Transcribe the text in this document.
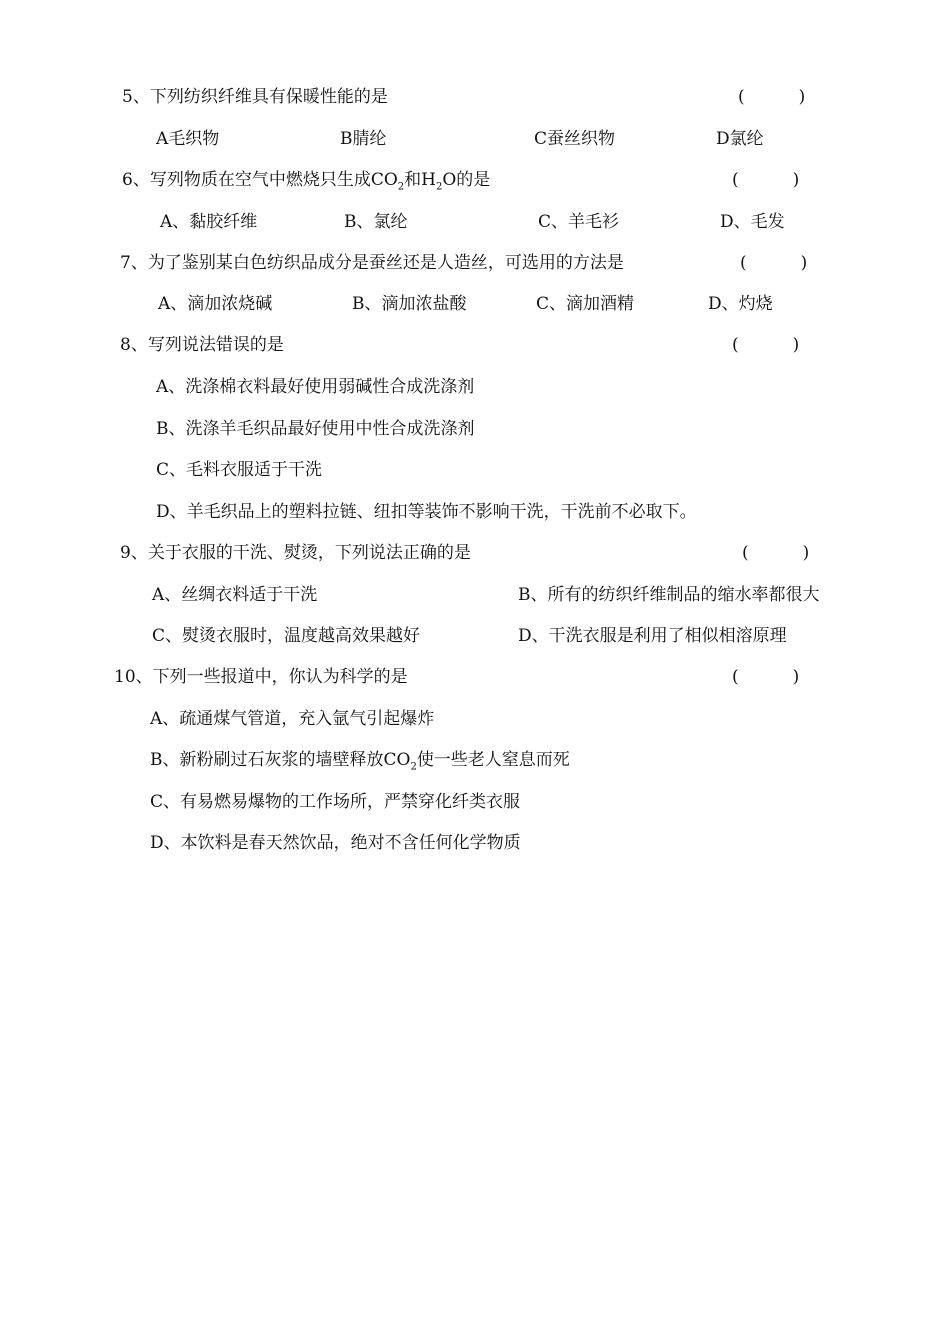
5、下列纺织纤维具有保暖性能的是	(          )
A毛织物	B腈纶	C蚕丝织物	D氯纶
6、写列物质在空气中燃烧只生成$CO_2$和$H_2O$的是	(          )
A、黏胶纤维	B、氯纶	C、羊毛衫	D、毛发
7、为了鉴别某白色纺织品成分是蚕丝还是人造丝，可选用的方法是	(          )
A、滴加浓烧碱	B、滴加浓盐酸	C、滴加酒精	D、灼烧
8、写列说法错误的是	(          )
A、洗涤棉衣料最好使用弱碱性合成洗涤剂
B、洗涤羊毛织品最好使用中性合成洗涤剂
C、毛料衣服适于干洗
D、羊毛织品上的塑料拉链、纽扣等装饰不影响干洗，干洗前不必取下。
9、关于衣服的干洗、熨烫，下列说法正确的是	(          )
A、丝绸衣料适于干洗	B、所有的纺织纤维制品的缩水率都很大
C、熨烫衣服时，温度越高效果越好	D、干洗衣服是利用了相似相溶原理
10、下列一些报道中，你认为科学的是	(          )
A、疏通煤气管道，充入氩气引起爆炸
B、新粉刷过石灰浆的墙壁释放$CO_2$使一些老人窒息而死
C、有易燃易爆物的工作场所，严禁穿化纤类衣服
D、本饮料是春天然饮品，绝对不含任何化学物质
